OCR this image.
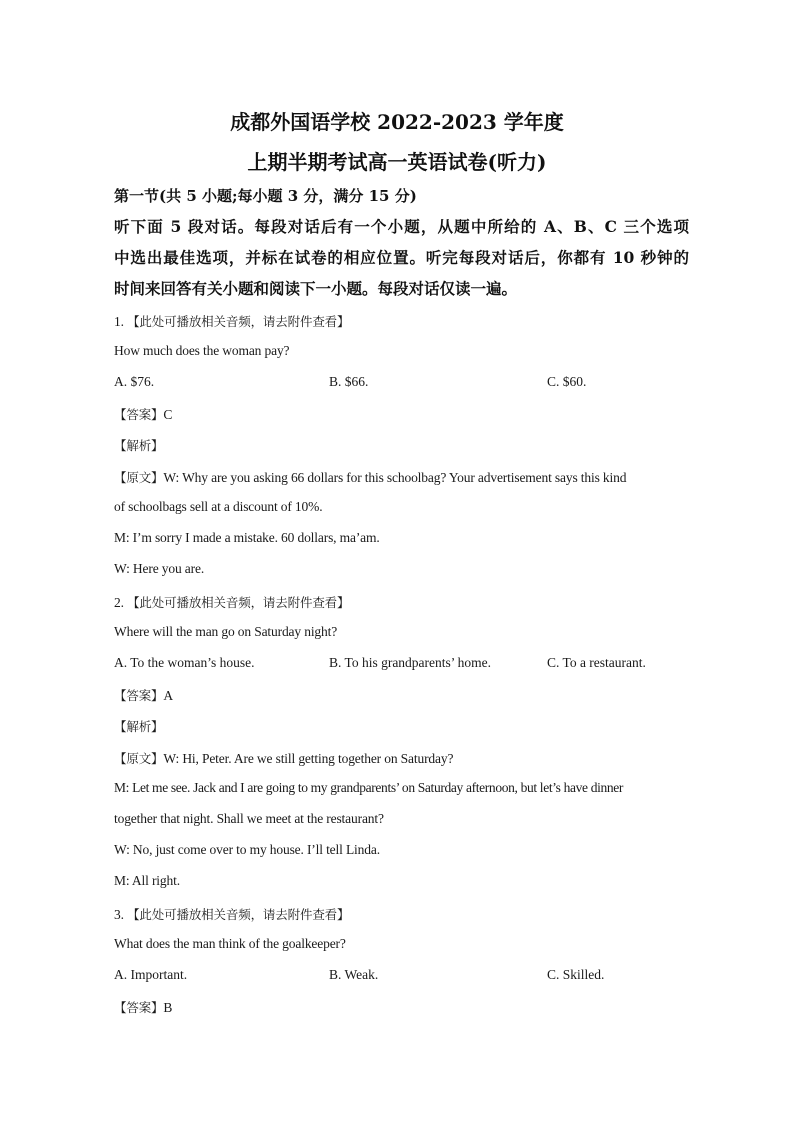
成都外国语学校 2022-2023 学年度
上期半期考试高一英语试卷(听力)
第一节(共 5 小题;每小题 3 分，满分 15 分)
听下面 5 段对话。每段对话后有一个小题，从题中所给的 A、B、C 三个选项
中选出最佳选项，并标在试卷的相应位置。听完每段对话后，你都有 10 秒钟的
时间来回答有关小题和阅读下一小题。每段对话仅读一遍。
1. 【此处可播放相关音频，请去附件查看】
How much does the woman pay?
A. $76.	B. $66.	C. $60.
【答案】C
【解析】
【原文】W: Why are you asking 66 dollars for this schoolbag? Your advertisement says this kind
of schoolbags sell at a discount of 10%.
M: I’m sorry I made a mistake. 60 dollars, ma’am.
W: Here you are.
2. 【此处可播放相关音频，请去附件查看】
Where will the man go on Saturday night?
A. To the woman’s house.	B. To his grandparents’ home.	C. To a restaurant.
【答案】A
【解析】
【原文】W: Hi, Peter. Are we still getting together on Saturday?
M: Let me see. Jack and I are going to my grandparents’ on Saturday afternoon, but let’s have dinner
together that night. Shall we meet at the restaurant?
W: No, just come over to my house. I’ll tell Linda.
M: All right.
3. 【此处可播放相关音频，请去附件查看】
What does the man think of the goalkeeper?
A. Important.	B. Weak.	C. Skilled.
【答案】B
